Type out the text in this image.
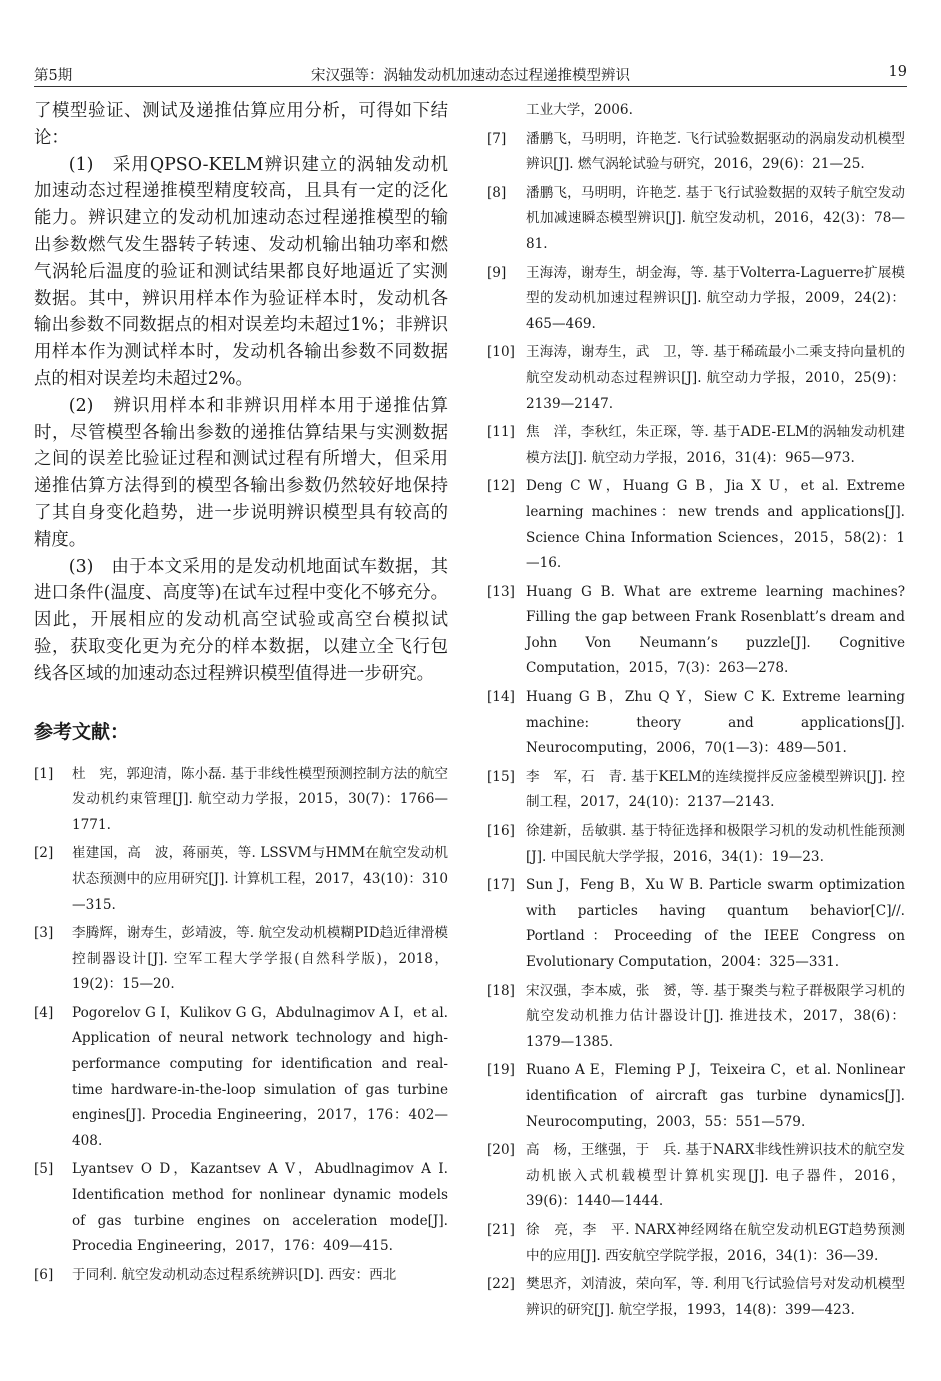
第5期	宋汉强等：涡轴发动机加速动态过程递推模型辨识	19

了模型验证、测试及递推估算应用分析，可得如下结论：

(1)　采用QPSO-KELM辨识建立的涡轴发动机加速动态过程递推模型精度较高，且具有一定的泛化能力。辨识建立的发动机加速动态过程递推模型的输出参数燃气发生器转子转速、发动机输出轴功率和燃气涡轮后温度的验证和测试结果都良好地逼近了实测数据。其中，辨识用样本作为验证样本时，发动机各输出参数不同数据点的相对误差均未超过1%；非辨识用样本作为测试样本时，发动机各输出参数不同数据点的相对误差均未超过2%。

(2)　辨识用样本和非辨识用样本用于递推估算时，尽管模型各输出参数的递推估算结果与实测数据之间的误差比验证过程和测试过程有所增大，但采用递推估算方法得到的模型各输出参数仍然较好地保持了其自身变化趋势，进一步说明辨识模型具有较高的精度。

(3)　由于本文采用的是发动机地面试车数据，其进口条件(温度、高度等)在试车过程中变化不够充分。因此，开展相应的发动机高空试验或高空台模拟试验，获取变化更为充分的样本数据，以建立全飞行包线各区域的加速动态过程辨识模型值得进一步研究。

参考文献：
[1] 杜　宪，郭迎清，陈小磊. 基于非线性模型预测控制方法的航空发动机约束管理[J]. 航空动力学报，2015，30(7)：1766—1771.
[2] 崔建国，高　波，蒋丽英，等. LSSVM与HMM在航空发动机状态预测中的应用研究[J]. 计算机工程，2017，43(10)：310—315.
[3] 李腾辉，谢寿生，彭靖波，等. 航空发动机模糊PID趋近律滑模控制器设计[J]. 空军工程大学学报(自然科学版)，2018，19(2)：15—20.
[4] Pogorelov G I，Kulikov G G，Abdulnagimov A I，et al. Application of neural network technology and high-performance computing for identification and real-time hardware-in-the-loop simulation of gas turbine engines[J]. Procedia Engineering，2017，176：402—408.
[5] Lyantsev O D，Kazantsev A V，Abudlnagimov A I. Identification method for nonlinear dynamic models of gas turbine engines on acceleration mode[J]. Procedia Engineering，2017，176：409—415.
[6] 于同利. 航空发动机动态过程系统辨识[D]. 西安：西北
工业大学，2006.
[7] 潘鹏飞，马明明，许艳芝. 飞行试验数据驱动的涡扇发动机模型辨识[J]. 燃气涡轮试验与研究，2016，29(6)：21—25.
[8] 潘鹏飞，马明明，许艳芝. 基于飞行试验数据的双转子航空发动机加减速瞬态模型辨识[J]. 航空发动机，2016，42(3)：78—81.
[9] 王海涛，谢寿生，胡金海，等. 基于Volterra-Laguerre扩展模型的发动机加速过程辨识[J]. 航空动力学报，2009，24(2)：465—469.
[10] 王海涛，谢寿生，武　卫，等. 基于稀疏最小二乘支持向量机的航空发动机动态过程辨识[J]. 航空动力学报，2010，25(9)：2139—2147.
[11] 焦　洋，李秋红，朱正琛，等. 基于ADE-ELM的涡轴发动机建模方法[J]. 航空动力学报，2016，31(4)：965—973.
[12] Deng C W，Huang G B，Jia X U，et al. Extreme learning machines：new trends and applications[J]. Science China Information Sciences，2015，58(2)：1—16.
[13] Huang G B. What are extreme learning machines? Filling the gap between Frank Rosenblatt’s dream and John Von Neumann’s puzzle[J]. Cognitive Computation，2015，7(3)：263—278.
[14] Huang G B，Zhu Q Y，Siew C K. Extreme learning machine: theory and applications[J]. Neurocomputing，2006，70(1—3)：489—501.
[15] 李　军，石　青. 基于KELM的连续搅拌反应釜模型辨识[J]. 控制工程，2017，24(10)：2137—2143.
[16] 徐建新，岳敏骐. 基于特征选择和极限学习机的发动机性能预测[J]. 中国民航大学学报，2016，34(1)：19—23.
[17] Sun J，Feng B，Xu W B. Particle swarm optimization with particles having quantum behavior[C]//. Portland：Proceeding of the IEEE Congress on Evolutionary Computation，2004：325—331.
[18] 宋汉强，李本威，张　赟，等. 基于聚类与粒子群极限学习机的航空发动机推力估计器设计[J]. 推进技术，2017，38(6)：1379—1385.
[19] Ruano A E，Fleming P J，Teixeira C，et al. Nonlinear identification of aircraft gas turbine dynamics[J]. Neurocomputing，2003，55：551—579.
[20] 高　杨，王继强，于　兵. 基于NARX非线性辨识技术的航空发动机嵌入式机载模型计算机实现[J]. 电子器件，2016，39(6)：1440—1444.
[21] 徐　亮，李　平. NARX神经网络在航空发动机EGT趋势预测中的应用[J]. 西安航空学院学报，2016，34(1)：36—39.
[22] 樊思齐，刘清波，荣向军，等. 利用飞行试验信号对发动机模型辨识的研究[J]. 航空学报，1993，14(8)：399—423.
